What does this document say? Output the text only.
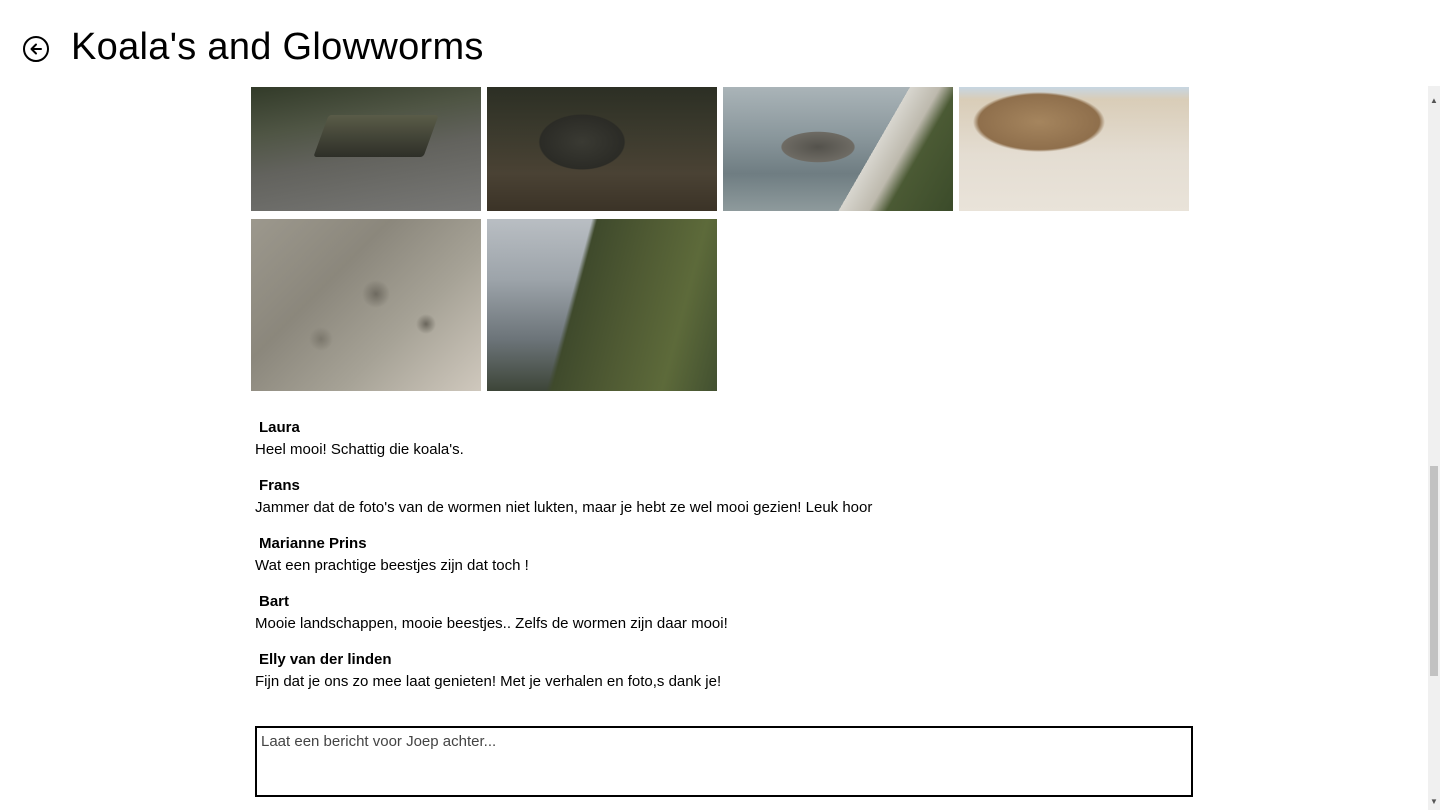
Koala's and Glowworms
Laura
Heel mooi! Schattig die koala's.
Frans
Jammer dat de foto's van de wormen niet lukten, maar je hebt ze wel mooi gezien! Leuk hoor
Marianne Prins
Wat een prachtige beestjes zijn dat toch !
Bart
Mooie landschappen, mooie beestjes.. Zelfs de wormen zijn daar mooi!
Elly van der linden
Fijn dat je ons zo mee laat genieten! Met je verhalen en foto,s dank je!
Laat een bericht voor Joep achter...
▲
▼
